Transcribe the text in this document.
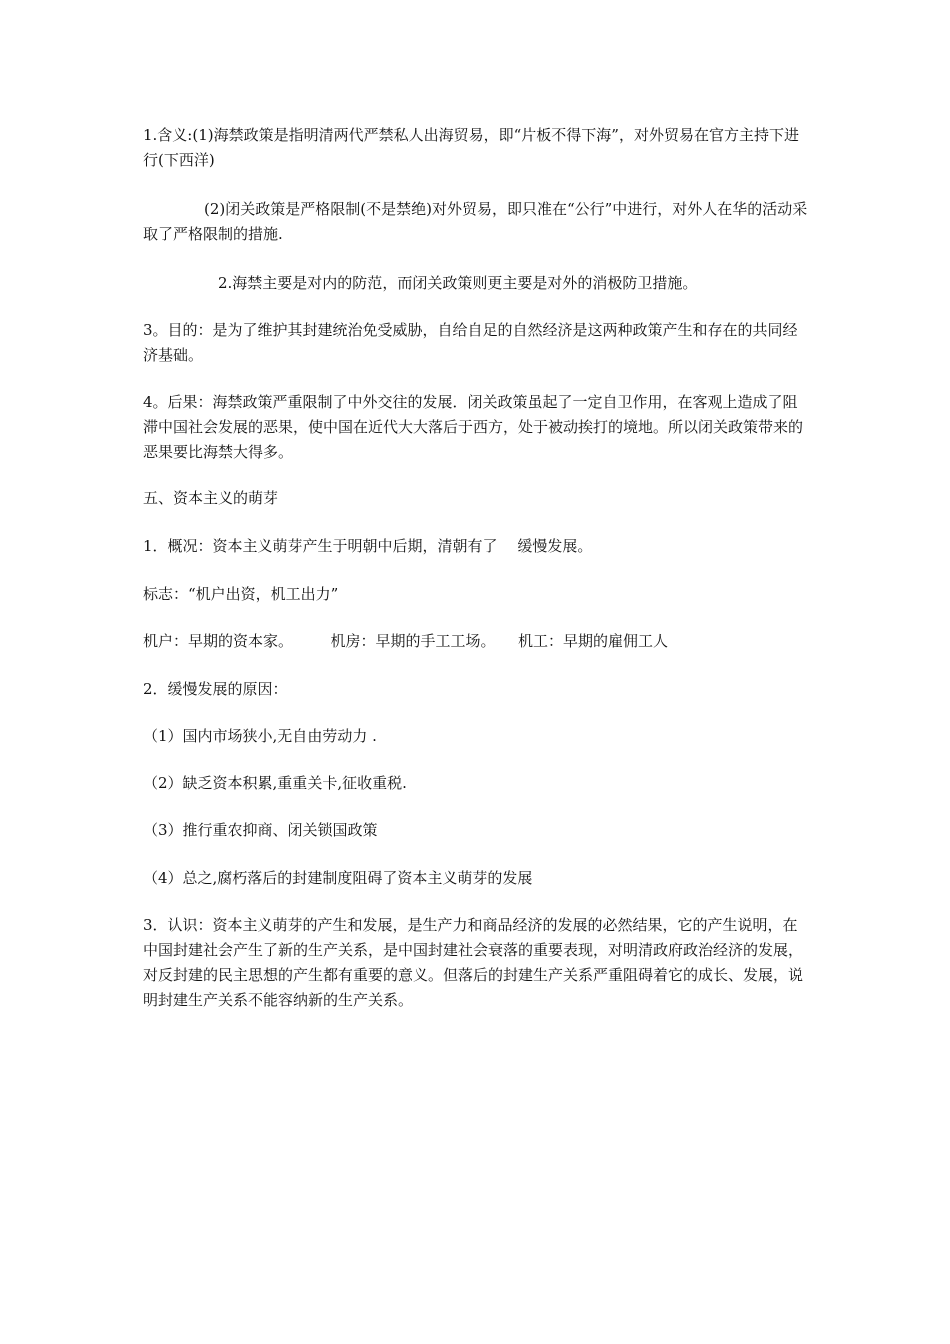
1.含义:(1)海禁政策是指明清两代严禁私人出海贸易，即“片板不得下海”，对外贸易在官方主持下进行(下西洋)

(2)闭关政策是严格限制(不是禁绝)对外贸易，即只准在“公行”中进行，对外人在华的活动采取了严格限制的措施.

2.海禁主要是对内的防范，而闭关政策则更主要是对外的消极防卫措施。

3。目的：是为了维护其封建统治免受威胁，自给自足的自然经济是这两种政策产生和存在的共同经济基础。

4。后果：海禁政策严重限制了中外交往的发展．闭关政策虽起了一定自卫作用，在客观上造成了阻滞中国社会发展的恶果，使中国在近代大大落后于西方，处于被动挨打的境地。所以闭关政策带来的恶果要比海禁大得多。

五、资本主义的萌芽

1．概况：资本主义萌芽产生于明朝中后期，清朝有了　 缓慢发展。

标志：“机户出资，机工出力”

机户：早期的资本家。　　　机房：早期的手工工场。　　机工：早期的雇佣工人

2．缓慢发展的原因：

（1）国内市场狭小,无自由劳动力 .

（2）缺乏资本积累,重重关卡,征收重税.

（3）推行重农抑商、闭关锁国政策

（4）总之,腐朽落后的封建制度阻碍了资本主义萌芽的发展

3．认识：资本主义萌芽的产生和发展，是生产力和商品经济的发展的必然结果，它的产生说明，在中国封建社会产生了新的生产关系，是中国封建社会衰落的重要表现，对明清政府政治经济的发展，对反封建的民主思想的产生都有重要的意义。但落后的封建生产关系严重阻碍着它的成长、发展，说明封建生产关系不能容纳新的生产关系。
